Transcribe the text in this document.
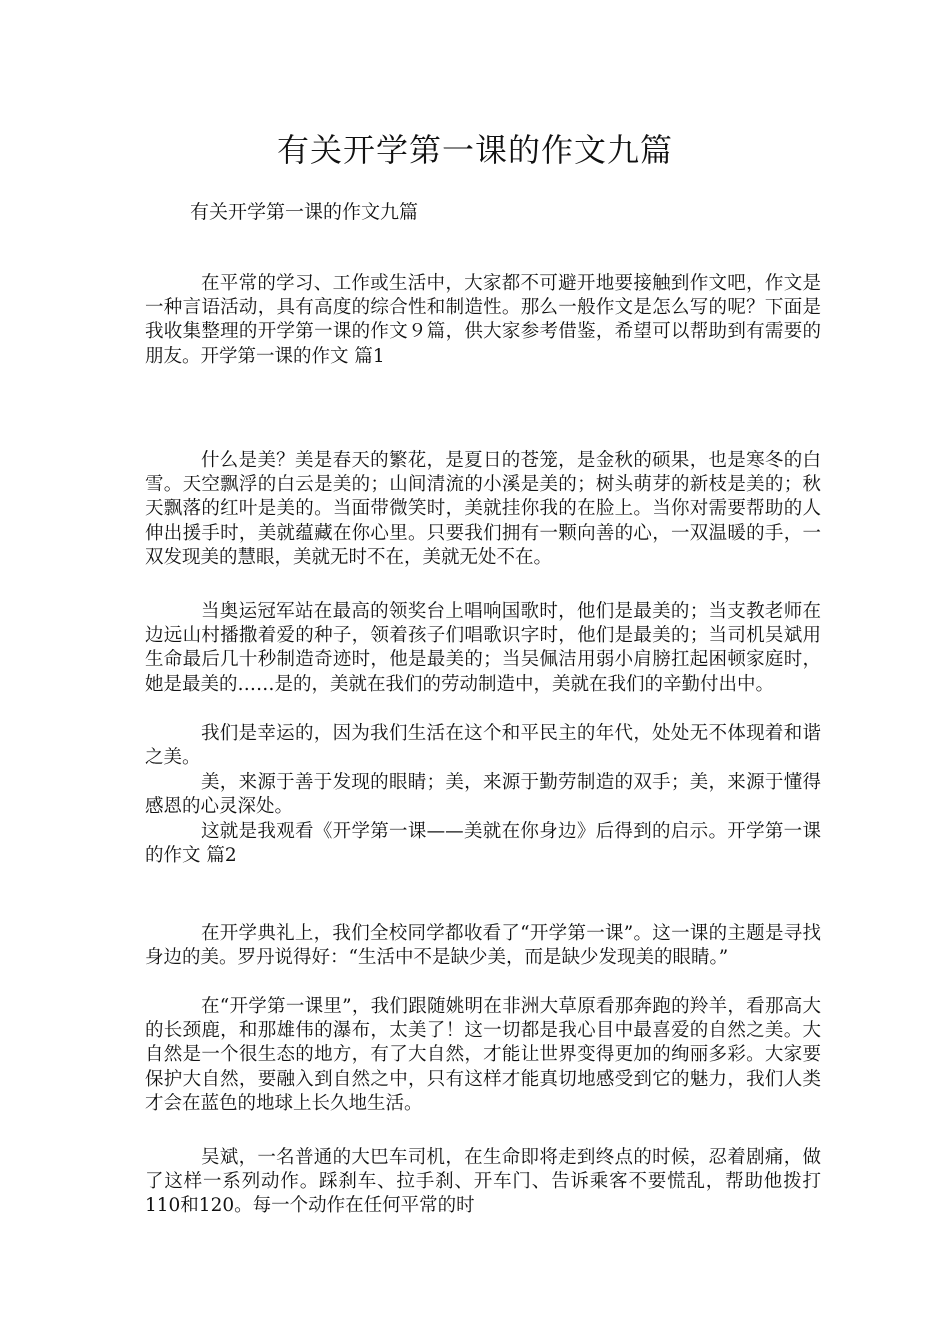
有关开学第一课的作文九篇
有关开学第一课的作文九篇

在平常的学习、工作或生活中，大家都不可避开地要接触到作文吧，作文是一种言语活动，具有高度的综合性和制造性。那么一般作文是怎么写的呢？下面是我收集整理的开学第一课的作文９篇，供大家参考借鉴，希望可以帮助到有需要的朋友。开学第一课的作文 篇1

什么是美？美是春天的繁花，是夏日的苍笼，是金秋的硕果，也是寒冬的白雪。天空飘浮的白云是美的；山间清流的小溪是美的；树头萌芽的新枝是美的；秋天飘落的红叶是美的。当面带微笑时，美就挂你我的在脸上。当你对需要帮助的人伸出援手时，美就蕴藏在你心里。只要我们拥有一颗向善的心，一双温暖的手，一双发现美的慧眼，美就无时不在，美就无处不在。

当奥运冠军站在最高的领奖台上唱响国歌时，他们是最美的；当支教老师在边远山村播撒着爱的种子，领着孩子们唱歌识字时，他们是最美的；当司机吴斌用生命最后几十秒制造奇迹时，他是最美的；当吴佩洁用弱小肩膀扛起困顿家庭时，她是最美的……是的，美就在我们的劳动制造中，美就在我们的辛勤付出中。

我们是幸运的，因为我们生活在这个和平民主的年代，处处无不体现着和谐之美。

美，来源于善于发现的眼睛；美，来源于勤劳制造的双手；美，来源于懂得感恩的心灵深处。

这就是我观看《开学第一课——美就在你身边》后得到的启示。开学第一课的作文 篇2

在开学典礼上，我们全校同学都收看了“开学第一课”。这一课的主题是寻找身边的美。罗丹说得好：“生活中不是缺少美，而是缺少发现美的眼睛。”

在“开学第一课里”，我们跟随姚明在非洲大草原看那奔跑的羚羊，看那高大的长颈鹿，和那雄伟的瀑布，太美了！这一切都是我心目中最喜爱的自然之美。大自然是一个很生态的地方，有了大自然，才能让世界变得更加的绚丽多彩。大家要保护大自然，要融入到自然之中，只有这样才能真切地感受到它的魅力，我们人类才会在蓝色的地球上长久地生活。

吴斌，一名普通的大巴车司机，在生命即将走到终点的时候，忍着剧痛，做了这样一系列动作。踩刹车、拉手刹、开车门、告诉乘客不要慌乱，帮助他拨打110和120。每一个动作在任何平常的时
